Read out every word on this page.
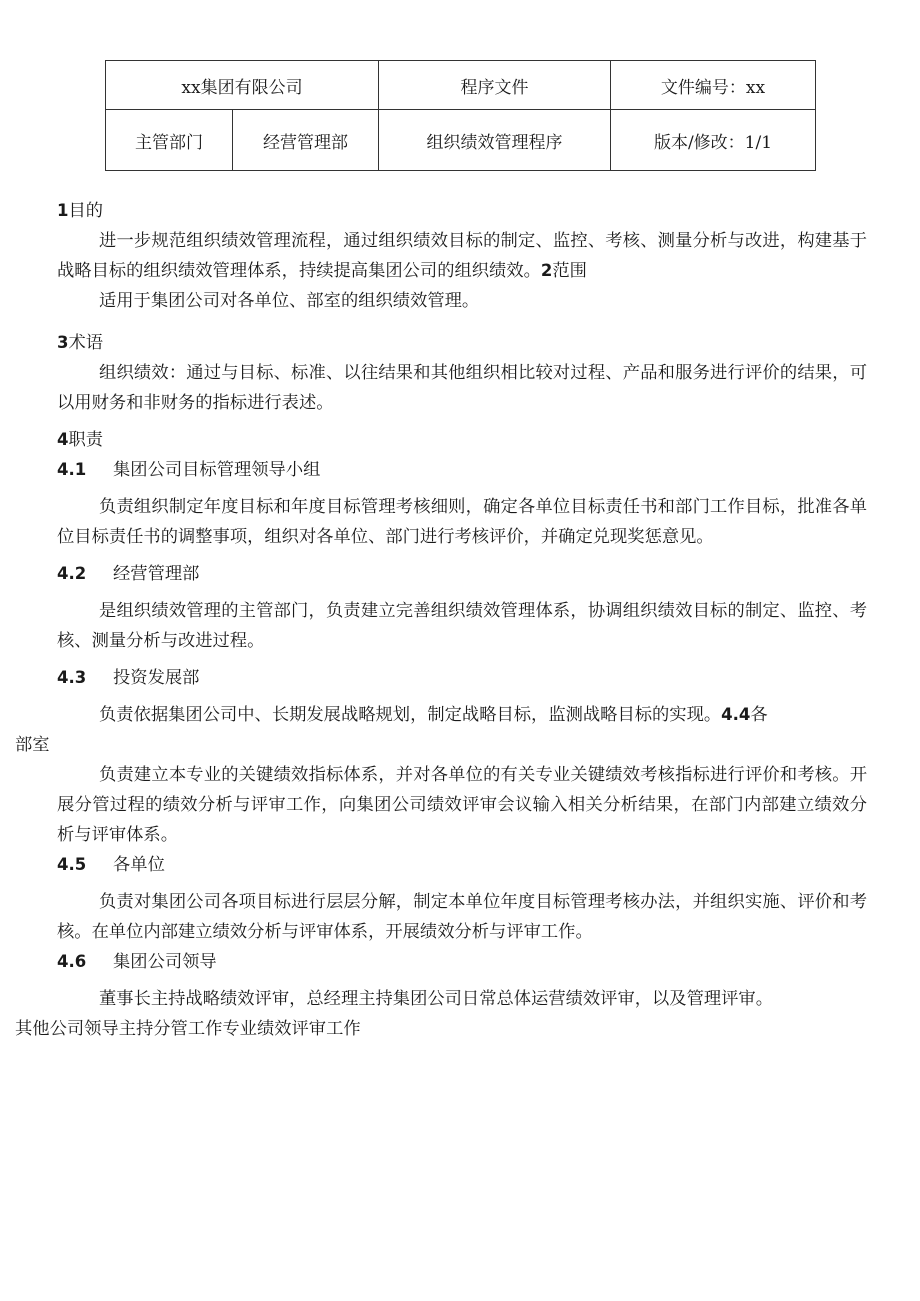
xx集团有限公司		程序文件	文件编号：xx
主管部门	经营管理部	组织绩效管理程序	版本/修改：1/1

1目的

进一步规范组织绩效管理流程，通过组织绩效目标的制定、监控、考核、测量分析与改进，构建基于战略目标的组织绩效管理体系，持续提高集团公司的组织绩效。2范围

适用于集团公司对各单位、部室的组织绩效管理。

3术语

组织绩效：通过与目标、标准、以往结果和其他组织相比较对过程、产品和服务进行评价的结果，可以用财务和非财务的指标进行表述。

4职责

4.1	集团公司目标管理领导小组

负责组织制定年度目标和年度目标管理考核细则，确定各单位目标责任书和部门工作目标，批准各单位目标责任书的调整事项，组织对各单位、部门进行考核评价，并确定兑现奖惩意见。

4.2	经营管理部

是组织绩效管理的主管部门，负责建立完善组织绩效管理体系，协调组织绩效目标的制定、监控、考核、测量分析与改进过程。

4.3	投资发展部

负责依据集团公司中、长期发展战略规划，制定战略目标，监测战略目标的实现。4.4各
部室

负责建立本专业的关键绩效指标体系，并对各单位的有关专业关键绩效考核指标进行评价和考核。开展分管过程的绩效分析与评审工作，向集团公司绩效评审会议输入相关分析结果，在部门内部建立绩效分析与评审体系。

4.5	各单位

负责对集团公司各项目标进行层层分解，制定本单位年度目标管理考核办法，并组织实施、评价和考核。在单位内部建立绩效分析与评审体系，开展绩效分析与评审工作。

4.6	集团公司领导

董事长主持战略绩效评审，总经理主持集团公司日常总体运营绩效评审，以及管理评审。
其他公司领导主持分管工作专业绩效评审工作
